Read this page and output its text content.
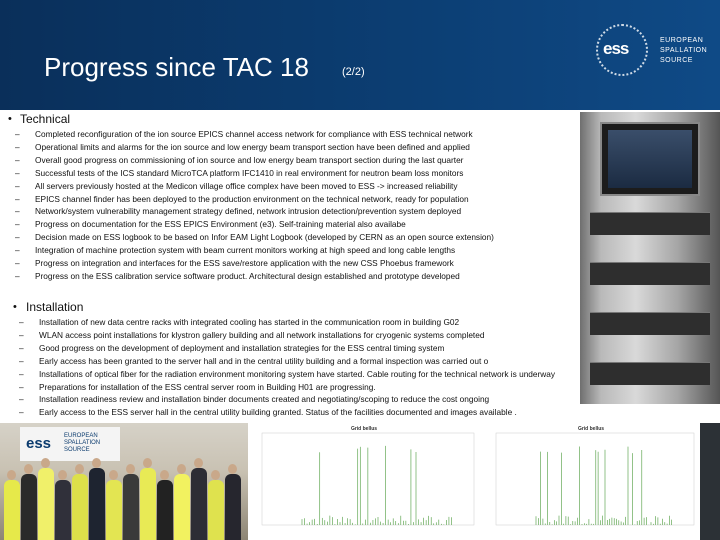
Progress since TAC 18	(2/2)
ess	EUROPEAN
SPALLATION
SOURCE
• Technical
– Completed reconfiguration of the ion source EPICS channel access network for compliance with ESS technical network
– Operational limits and alarms for the ion source and low energy beam transport section have been defined and applied
– Overall good progress on commissioning of ion source and low energy beam transport section during the last quarter
– Successful tests of the ICS standard MicroTCA platform IFC1410 in real environment for neutron beam loss monitors
– All servers previously hosted at the Medicon village office complex have been moved to ESS -> increased reliability
– EPICS channel finder has been deployed to the production environment on the technical network, ready for population
– Network/system vulnerability management strategy defined, network intrusion detection/prevention system deployed
– Progress on documentation for the ESS EPICS Environment (e3). Self-training material also availabe
– Decision made on ESS logbook to be based on Infor EAM Light Logbook (developed by CERN as an open source extension)
– Integration of machine protection system with beam current monitors working at high speed and long cable lengths
– Progress on integration and interfaces for the ESS save/restore application with the new CSS Phoebus framework
– Progress on the ESS calibration service software product. Architectural design established and prototype developed
• Installation
– Installation of new data centre racks with integrated cooling has started in the communication room in building G02
– WLAN access point installations for klystron gallery building and all network installations for cryogenic systems completed
– Good progress on the development of deployment and installation strategies for the ESS central timing system
– Early access has been granted to the server hall and in the central utility building and a formal inspection was carried out o
– Installations of optical fiber for the radiation environment monitoring system have started. Cable routing for the technical network is underway
– Preparations for installation of the ESS central server room in Building H01 are progressing.
– Installation readiness review and installation binder documents created and negotiating/scoping to reduce the cost ongoing
– Early access to the ESS server hall in the central utility building granted. Status of the facilities documented and images available .
ess EUROPEAN
SPALLATION
SOURCE
Grid bellus	Grid bellus
